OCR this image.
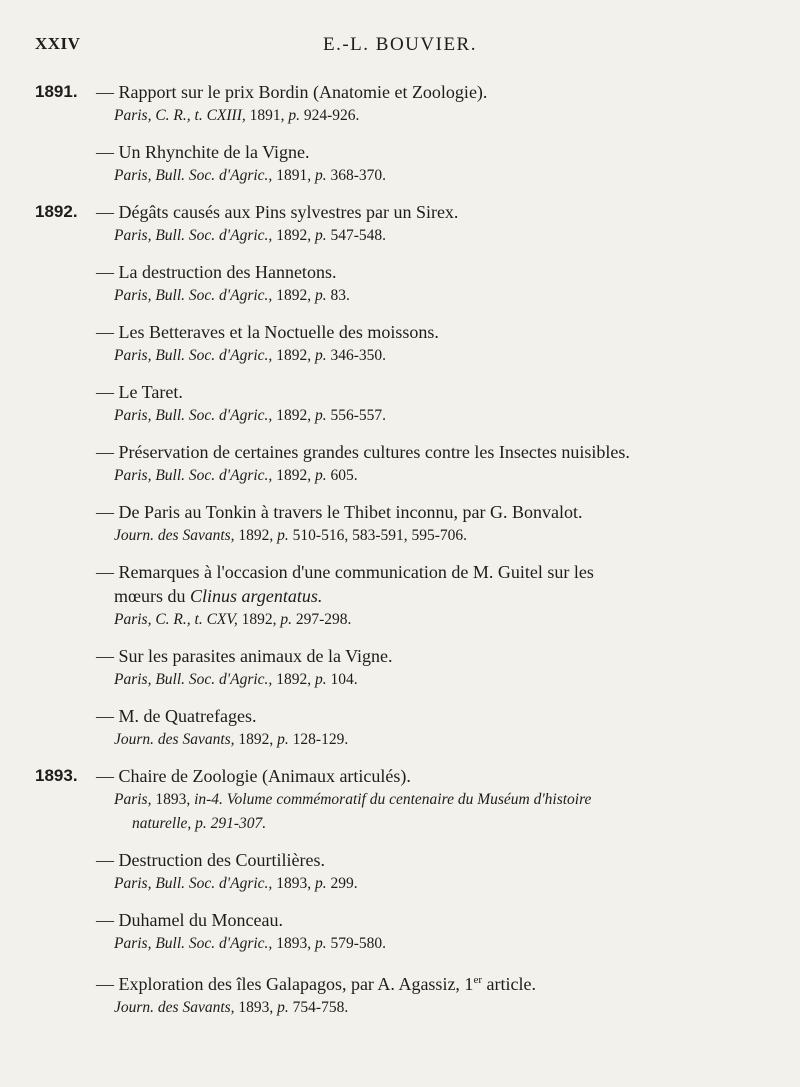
XXIV	E.-L. BOUVIER.
1891. — Rapport sur le prix Bordin (Anatomie et Zoologie).
Paris, C. R., t. CXIII, 1891, p. 924-926.
— Un Rhynchite de la Vigne.
Paris, Bull. Soc. d'Agric., 1891, p. 368-370.
1892. — Dégâts causés aux Pins sylvestres par un Sirex.
Paris, Bull. Soc. d'Agric., 1892, p. 547-548.
— La destruction des Hannetons.
Paris, Bull. Soc. d'Agric., 1892, p. 83.
— Les Betteraves et la Noctuelle des moissons.
Paris, Bull. Soc. d'Agric., 1892, p. 346-350.
— Le Taret.
Paris, Bull. Soc. d'Agric., 1892, p. 556-557.
— Préservation de certaines grandes cultures contre les Insectes nuisibles.
Paris, Bull. Soc. d'Agric., 1892, p. 605.
— De Paris au Tonkin à travers le Thibet inconnu, par G. Bonvalot.
Journ. des Savants, 1892, p. 510-516, 583-591, 595-706.
— Remarques à l'occasion d'une communication de M. Guitel sur les
mœurs du Clinus argentatus.
Paris, C. R., t. CXV, 1892, p. 297-298.
— Sur les parasites animaux de la Vigne.
Paris, Bull. Soc. d'Agric., 1892, p. 104.
— M. de Quatrefages.
Journ. des Savants, 1892, p. 128-129.
1893. — Chaire de Zoologie (Animaux articulés).
Paris, 1893, in-4. Volume commémoratif du centenaire du Muséum d'histoire
naturelle, p. 291-307.
— Destruction des Courtilières.
Paris, Bull. Soc. d'Agric., 1893, p. 299.
— Duhamel du Monceau.
Paris, Bull. Soc. d'Agric., 1893, p. 579-580.
— Exploration des îles Galapagos, par A. Agassiz, 1er article.
Journ. des Savants, 1893, p. 754-758.
